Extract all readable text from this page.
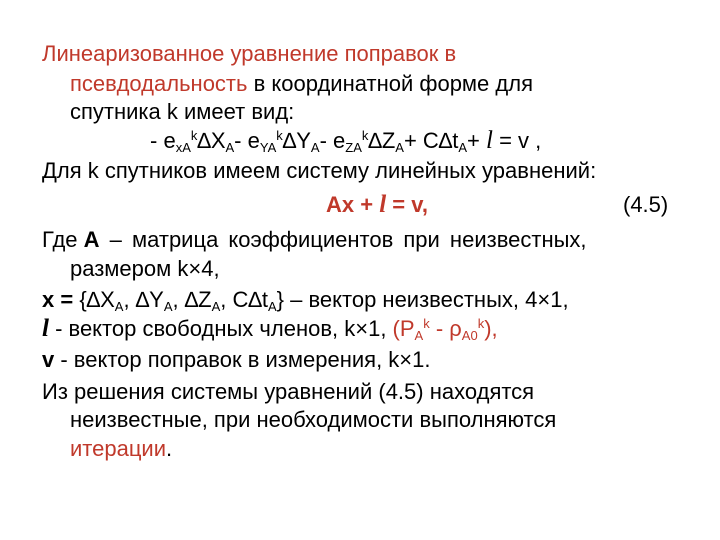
Линеаризованное уравнение поправок в
псевдодальность в координатной форме для
спутника k имеет вид:
- $e_{xA}^k\Delta X_A-$ $e_{YA}^k\Delta Y_A-$ $e_{ZA}^k\Delta Z_A+ C\Delta t_A+ l = v$ ,
Для k спутников имеем систему линейных уравнений:
Ax + l = v,	(4.5)
Где A – матрица коэффициентов при неизвестных,
размером k×4,
$x = \{\Delta X_A$, $\Delta Y_A$, $\Delta Z_A$, $C\Delta t_A$} – вектор неизвестных, 4×1,
l - вектор свободных членов, k×1, $(P_A^k - \rho_{A0}^k)$,
v - вектор поправок в измерения, k×1.
Из решения системы уравнений (4.5) находятся
неизвестные, при необходимости выполняются
итерации.
